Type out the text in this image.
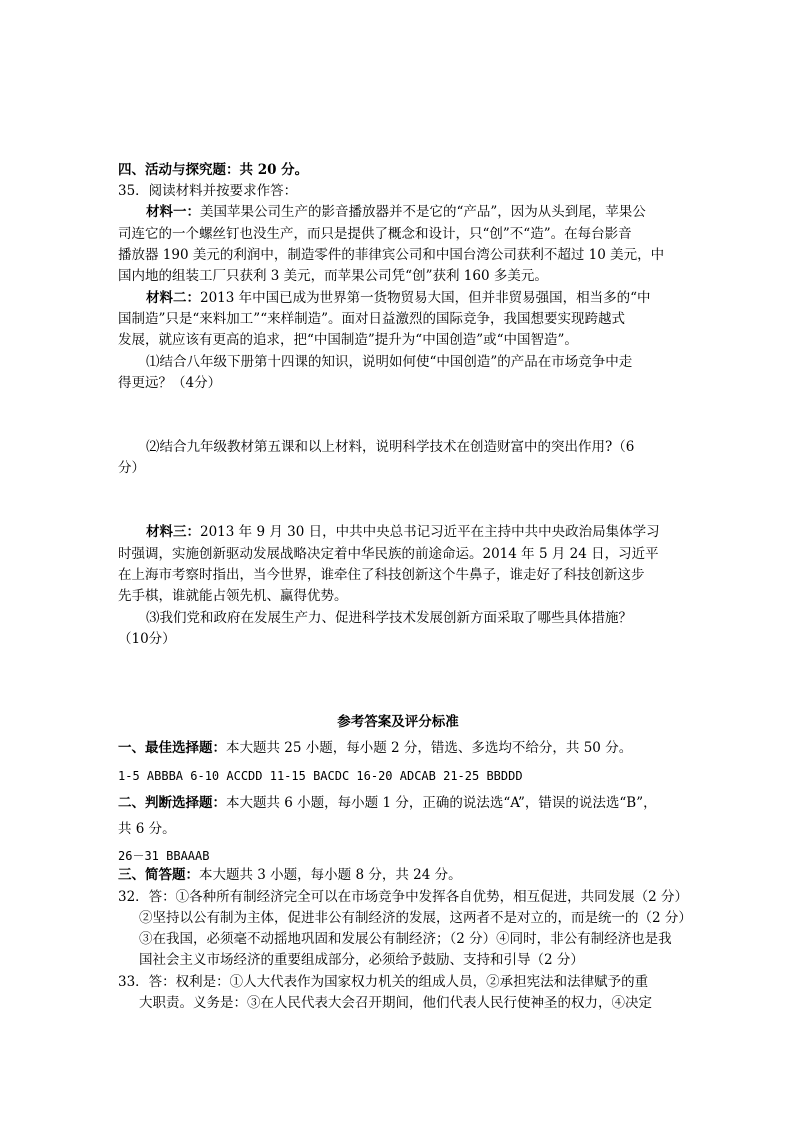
四、活动与探究题：共 20 分。
35．阅读材料并按要求作答：
材料一：美国苹果公司生产的影音播放器并不是它的“产品”，因为从头到尾，苹果公
司连它的一个螺丝钉也没生产，而只是提供了概念和设计，只“创”不“造”。在每台影音
播放器 190 美元的利润中，制造零件的菲律宾公司和中国台湾公司获利不超过 10 美元，中
国内地的组装工厂只获利 3 美元，而苹果公司凭“创”获利 160 多美元。
材料二：2013 年中国已成为世界第一货物贸易大国，但并非贸易强国，相当多的“中
国制造”只是“来料加工”“来样制造”。面对日益激烈的国际竞争，我国想要实现跨越式
发展，就应该有更高的追求，把“中国制造”提升为“中国创造”或“中国智造”。
⑴结合八年级下册第十四课的知识，说明如何使“中国创造”的产品在市场竞争中走
得更远？（4分）
⑵结合九年级教材第五课和以上材料，说明科学技术在创造财富中的突出作用?（6
分）
材料三：2013 年 9 月 30 日，中共中央总书记习近平在主持中共中央政治局集体学习
时强调，实施创新驱动发展战略决定着中华民族的前途命运。2014 年 5 月 24 日，习近平
在上海市考察时指出，当今世界，谁牵住了科技创新这个牛鼻子，谁走好了科技创新这步
先手棋，谁就能占领先机、赢得优势。
⑶我们党和政府在发展生产力、促进科学技术发展创新方面采取了哪些具体措施？
（10分）
参考答案及评分标准
一、最佳选择题：本大题共 25 小题，每小题 2 分，错选、多选均不给分，共 50 分。
1-5 ABBBA 6-10 ACCDD 11-15 BACDC 16-20 ADCAB 21-25 BBDDD
二、判断选择题：本大题共 6 小题，每小题 1 分，正确的说法选“A”，错误的说法选“B”，
共 6 分。
26－31 BBAAAB
三、简答题：本大题共 3 小题，每小题 8 分，共 24 分。
32．答：①各种所有制经济完全可以在市场竞争中发挥各自优势，相互促进，共同发展（2 分）
②坚持以公有制为主体，促进非公有制经济的发展，这两者不是对立的，而是统一的（2 分）
③在我国，必须毫不动摇地巩固和发展公有制经济；（2 分）④同时，非公有制经济也是我
国社会主义市场经济的重要组成部分，必须给予鼓励、支持和引导（2 分）
33．答：权利是：①人大代表作为国家权力机关的组成人员，②承担宪法和法律赋予的重
大职责。义务是：③在人民代表大会召开期间，他们代表人民行使神圣的权力，④决定
